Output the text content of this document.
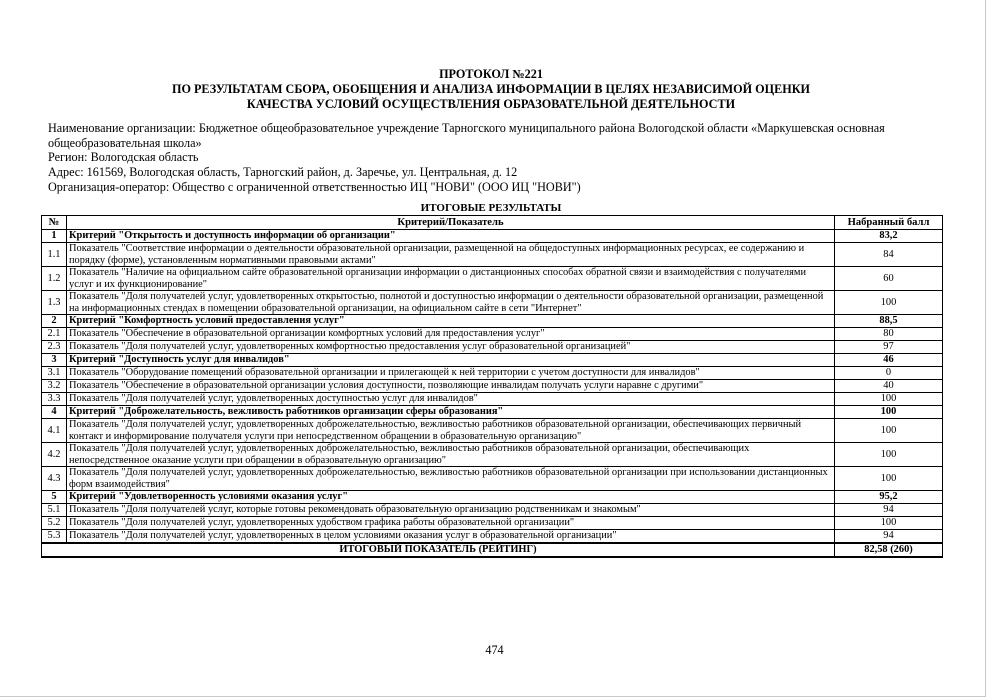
ПРОТОКОЛ №221
ПО РЕЗУЛЬТАТАМ СБОРА, ОБОБЩЕНИЯ И АНАЛИЗА ИНФОРМАЦИИ В ЦЕЛЯХ НЕЗАВИСИМОЙ ОЦЕНКИ
КАЧЕСТВА УСЛОВИЙ ОСУЩЕСТВЛЕНИЯ ОБРАЗОВАТЕЛЬНОЙ ДЕЯТЕЛЬНОСТИ
Наименование организации: Бюджетное общеобразовательное учреждение Тарногского муниципального района Вологодской области «Маркушевская основная общеобразовательная школа»
Регион: Вологодская область
Адрес: 161569, Вологодская область, Тарногский район, д. Заречье, ул. Центральная, д. 12
Организация-оператор: Общество с ограниченной ответственностью ИЦ "НОВИ" (ООО ИЦ "НОВИ")
ИТОГОВЫЕ РЕЗУЛЬТАТЫ
№	Критерий/Показатель	Набранный балл
1	Критерий "Открытость и доступность информации об организации"	83,2
1.1	Показатель "Соответствие информации о деятельности образовательной организации, размещенной на общедоступных информационных ресурсах, ее содержанию и порядку (форме), установленным нормативными правовыми актами"	84
1.2	Показатель "Наличие на официальном сайте образовательной организации информации о дистанционных способах обратной связи и взаимодействия с получателями услуг и их функционирование"	60
1.3	Показатель "Доля получателей услуг, удовлетворенных открытостью, полнотой и доступностью информации о деятельности образовательной организации, размещенной на информационных стендах в помещении образовательной организации, на официальном сайте в сети "Интернет"	100
2	Критерий "Комфортность условий предоставления услуг"	88,5
2.1	Показатель "Обеспечение в образовательной организации комфортных условий для предоставления услуг"	80
2.3	Показатель "Доля получателей услуг, удовлетворенных комфортностью предоставления услуг образовательной организацией"	97
3	Критерий "Доступность услуг для инвалидов"	46
3.1	Показатель "Оборудование помещений образовательной организации и прилегающей к ней территории с учетом доступности для инвалидов"	0
3.2	Показатель "Обеспечение в образовательной организации условия доступности, позволяющие инвалидам получать услуги наравне с другими"	40
3.3	Показатель "Доля получателей услуг, удовлетворенных доступностью услуг для инвалидов"	100
4	Критерий "Доброжелательность, вежливость работников организации сферы образования"	100
4.1	Показатель "Доля получателей услуг, удовлетворенных доброжелательностью, вежливостью работников образовательной организации, обеспечивающих первичный контакт и информирование получателя услуги при непосредственном обращении в образовательную организацию"	100
4.2	Показатель "Доля получателей услуг, удовлетворенных доброжелательностью, вежливостью работников образовательной организации, обеспечивающих непосредственное оказание услуги при обращении в образовательную организацию"	100
4.3	Показатель "Доля получателей услуг, удовлетворенных доброжелательностью, вежливостью работников образовательной организации при использовании дистанционных форм взаимодействия"	100
5	Критерий "Удовлетворенность условиями оказания услуг"	95,2
5.1	Показатель "Доля получателей услуг, которые готовы рекомендовать образовательную организацию родственникам и знакомым"	94
5.2	Показатель "Доля получателей услуг, удовлетворенных удобством графика работы образовательной организации"	100
5.3	Показатель "Доля получателей услуг, удовлетворенных в целом условиями оказания услуг в образовательной организации"	94
ИТОГОВЫЙ ПОКАЗАТЕЛЬ (РЕЙТИНГ)		82,58 (260)
474
